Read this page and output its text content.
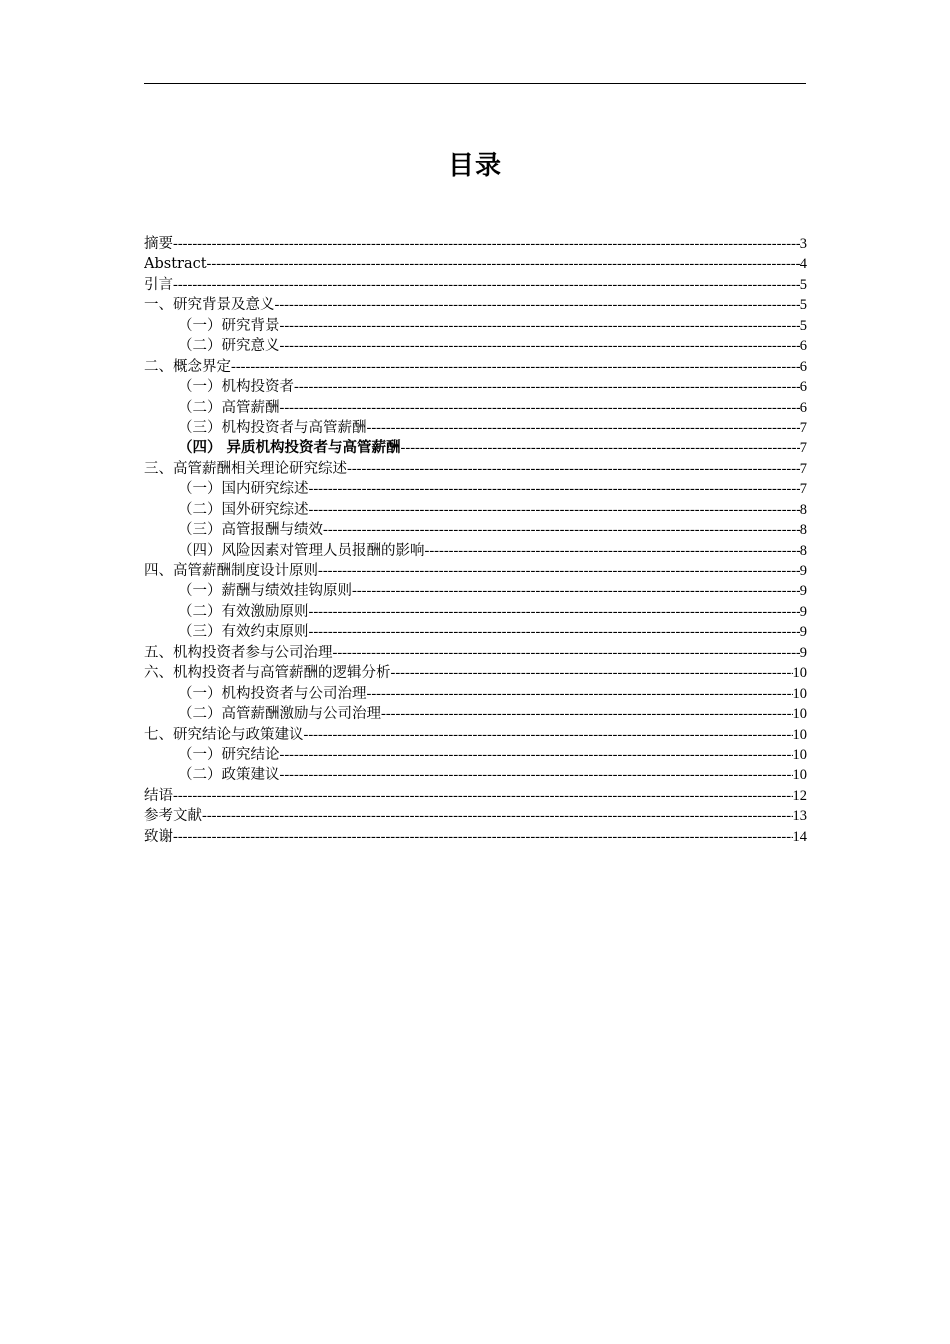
目录
摘要 -----	3
Abstract -----	4
引言 -----	5
一、研究背景及意义 -----	5
（一）研究背景 -----	5
（二）研究意义 -----	6
二、概念界定 -----	6
（一）机构投资者 -----	6
（二）高管薪酬 -----	6
（三）机构投资者与高管薪酬 -----	7
（四） 异质机构投资者与高管薪酬 -----	7
三、高管薪酬相关理论研究综述 -----	7
（一）国内研究综述 -----	7
（二）国外研究综述 -----	8
（三）高管报酬与绩效 -----	8
（四）风险因素对管理人员报酬的影响 -----	8
四、高管薪酬制度设计原则 -----	9
（一）薪酬与绩效挂钩原则 -----	9
（二）有效激励原则 -----	9
（三）有效约束原则 -----	9
五、机构投资者参与公司治理 -----	9
六、机构投资者与高管薪酬的逻辑分析 -----	10
（一）机构投资者与公司治理 -----	10
（二）高管薪酬激励与公司治理 -----	10
七、研究结论与政策建议 -----	10
（一）研究结论 -----	10
（二）政策建议 -----	10
结语 -----	12
参考文献 -----	13
致谢 -----	14
